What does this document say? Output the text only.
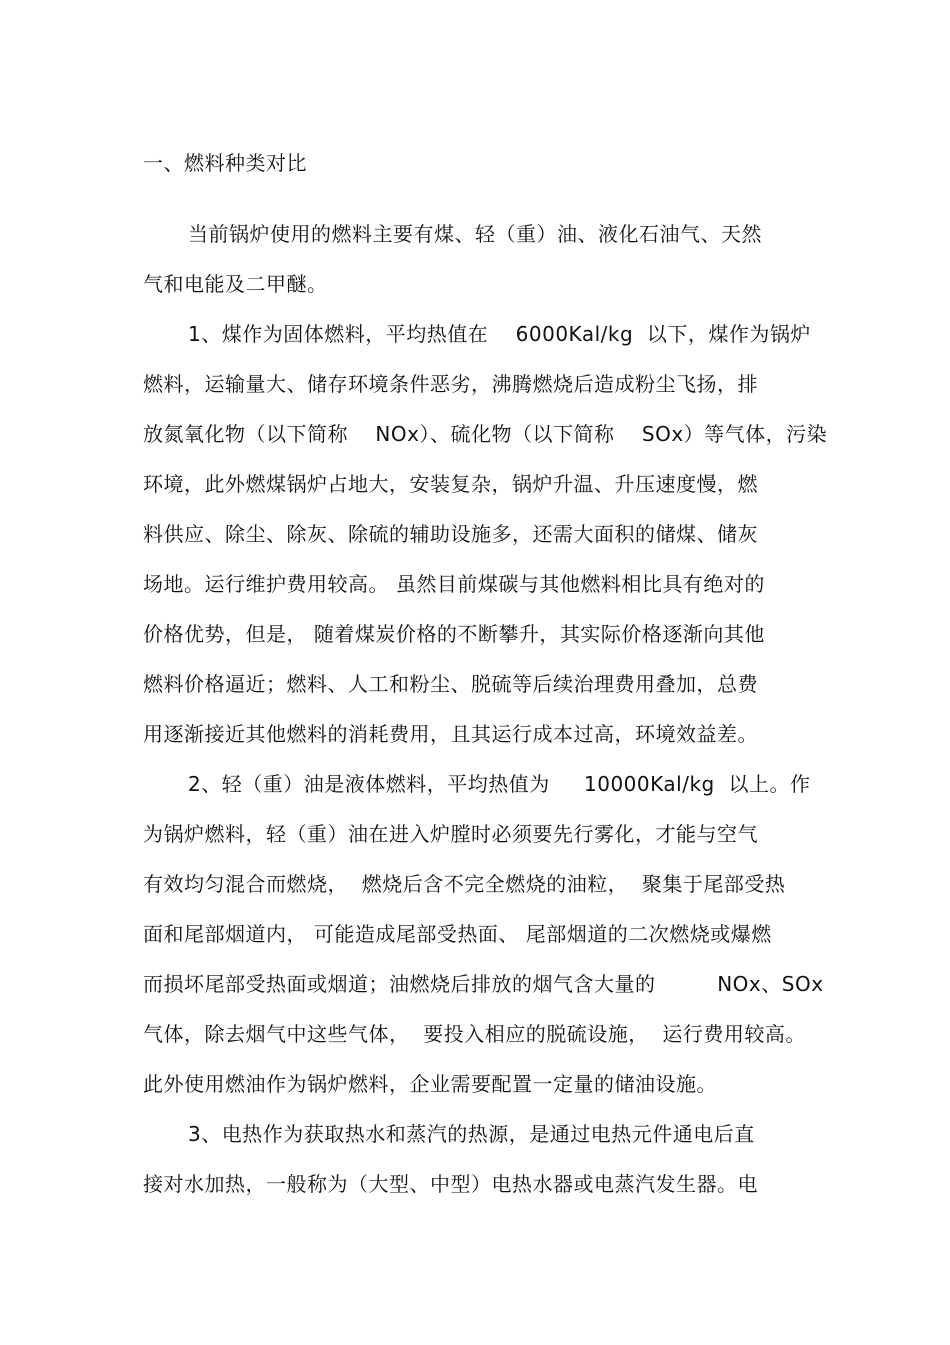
一、燃料种类对比
当前锅炉使用的燃料主要有煤、轻（重）油、液化石油气、天然
气和电能及二甲醚。
1、煤作为固体燃料，平均热值在    6000Kal/kg  以下，煤作为锅炉
燃料，运输量大、储存环境条件恶劣，沸腾燃烧后造成粉尘飞扬，排
放氮氧化物（以下简称    NOx）、硫化物（以下简称    SOx）等气体，污染
环境，此外燃煤锅炉占地大，安装复杂，锅炉升温、升压速度慢，燃
料供应、除尘、除灰、除硫的辅助设施多，还需大面积的储煤、储灰
场地。运行维护费用较高。 虽然目前煤碳与其他燃料相比具有绝对的
价格优势，但是， 随着煤炭价格的不断攀升，其实际价格逐渐向其他
燃料价格逼近；燃料、人工和粉尘、脱硫等后续治理费用叠加，总费
用逐渐接近其他燃料的消耗费用，且其运行成本过高，环境效益差。
2、轻（重）油是液体燃料，平均热值为     10000Kal/kg  以上。作
为锅炉燃料，轻（重）油在进入炉膛时必须要先行雾化，才能与空气
有效均匀混合而燃烧，  燃烧后含不完全燃烧的油粒，  聚集于尾部受热
面和尾部烟道内， 可能造成尾部受热面、 尾部烟道的二次燃烧或爆燃
而损坏尾部受热面或烟道；油燃烧后排放的烟气含大量的         NOx、SOx
气体，除去烟气中这些气体，  要投入相应的脱硫设施，  运行费用较高。
此外使用燃油作为锅炉燃料，企业需要配置一定量的储油设施。
3、电热作为获取热水和蒸汽的热源，是通过电热元件通电后直
接对水加热，一般称为（大型、中型）电热水器或电蒸汽发生器。电
